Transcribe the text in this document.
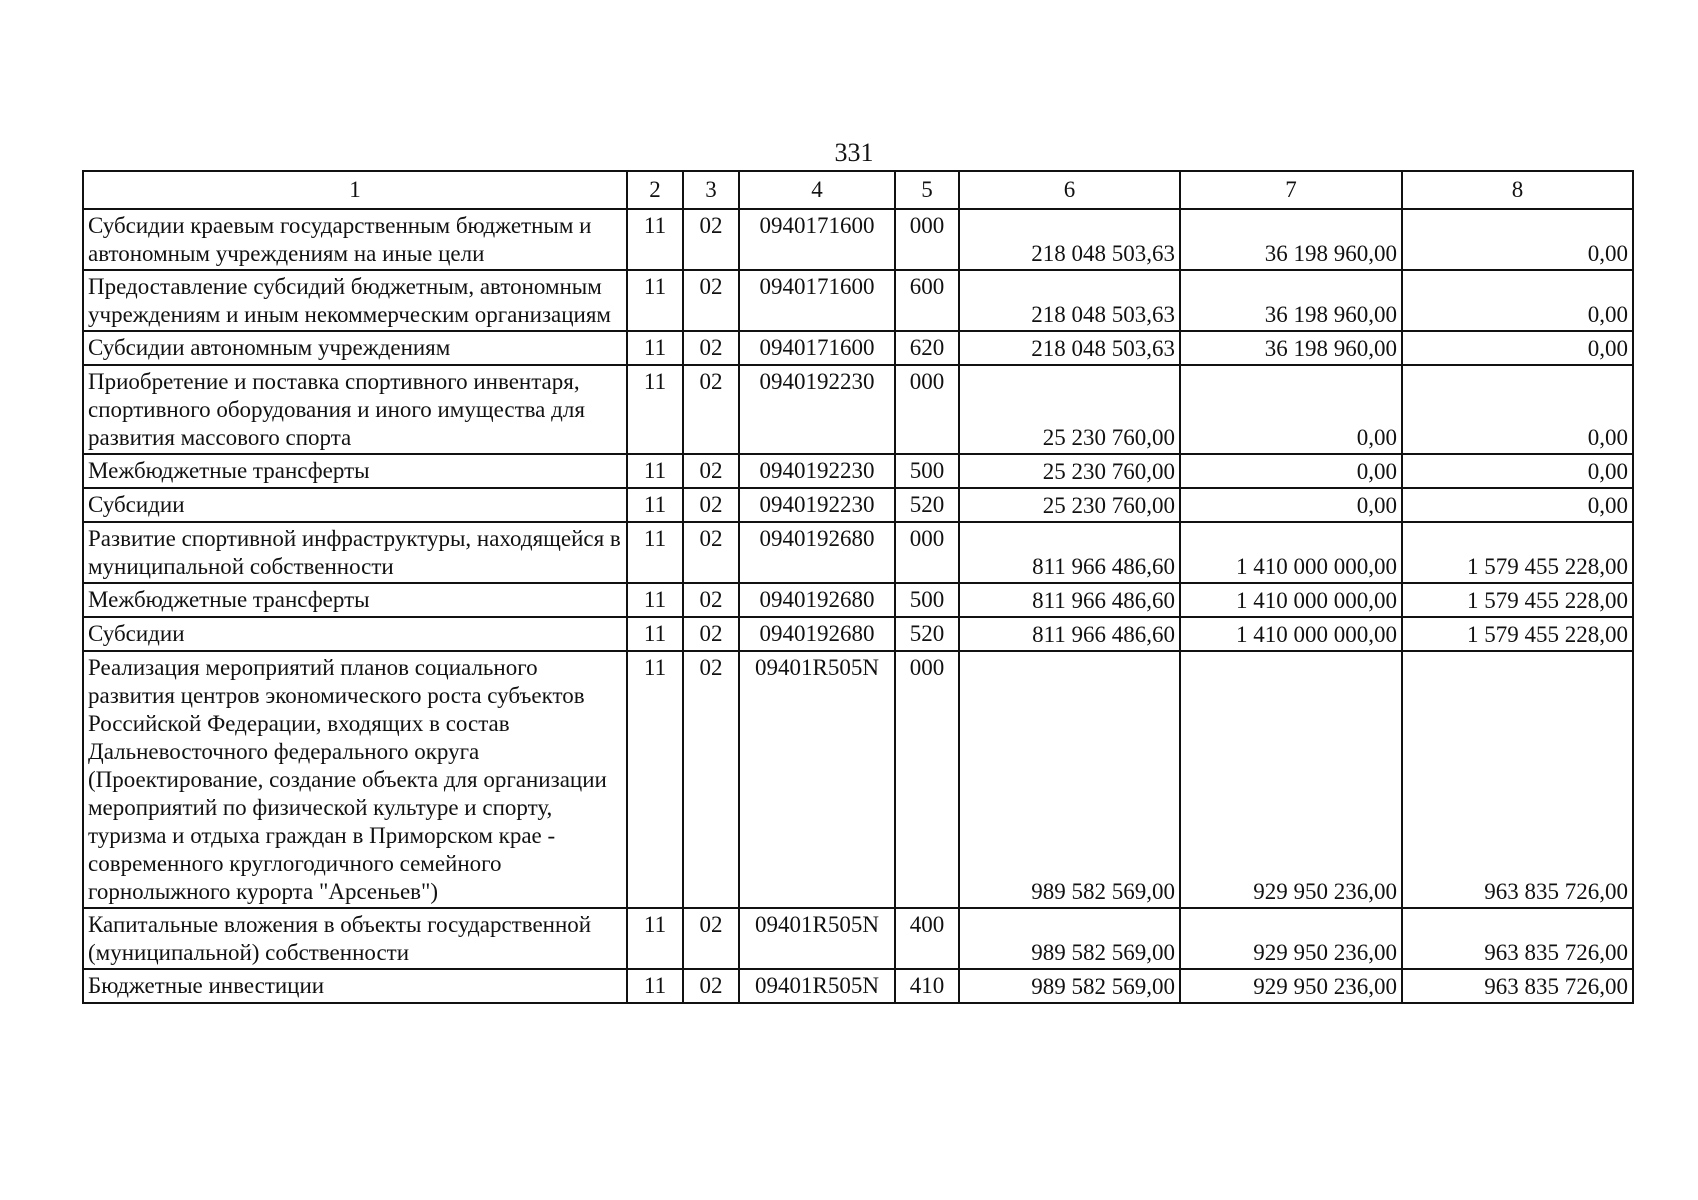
331
1	2	3	4	5	6	7	8
Субсидии краевым государственным бюджетным и автономным учреждениям на иные цели	11	02	0940171600	000	218 048 503,63	36 198 960,00	0,00
Предоставление субсидий бюджетным, автономным учреждениям и иным некоммерческим организациям	11	02	0940171600	600	218 048 503,63	36 198 960,00	0,00
Субсидии автономным учреждениям	11	02	0940171600	620	218 048 503,63	36 198 960,00	0,00
Приобретение и поставка спортивного инвентаря, спортивного оборудования и иного имущества для развития массового спорта	11	02	0940192230	000	25 230 760,00	0,00	0,00
Межбюджетные трансферты	11	02	0940192230	500	25 230 760,00	0,00	0,00
Субсидии	11	02	0940192230	520	25 230 760,00	0,00	0,00
Развитие спортивной инфраструктуры, находящейся в муниципальной собственности	11	02	0940192680	000	811 966 486,60	1 410 000 000,00	1 579 455 228,00
Межбюджетные трансферты	11	02	0940192680	500	811 966 486,60	1 410 000 000,00	1 579 455 228,00
Субсидии	11	02	0940192680	520	811 966 486,60	1 410 000 000,00	1 579 455 228,00
Реализация мероприятий планов социального развития центров экономического роста субъектов Российской Федерации, входящих в состав Дальневосточного федерального округа (Проектирование, создание объекта для организации мероприятий по физической культуре и спорту, туризма и отдыха граждан в Приморском крае - современного круглогодичного семейного горнолыжного курорта "Арсеньев")	11	02	09401R505N	000	989 582 569,00	929 950 236,00	963 835 726,00
Капитальные вложения в объекты государственной (муниципальной) собственности	11	02	09401R505N	400	989 582 569,00	929 950 236,00	963 835 726,00
Бюджетные инвестиции	11	02	09401R505N	410	989 582 569,00	929 950 236,00	963 835 726,00
